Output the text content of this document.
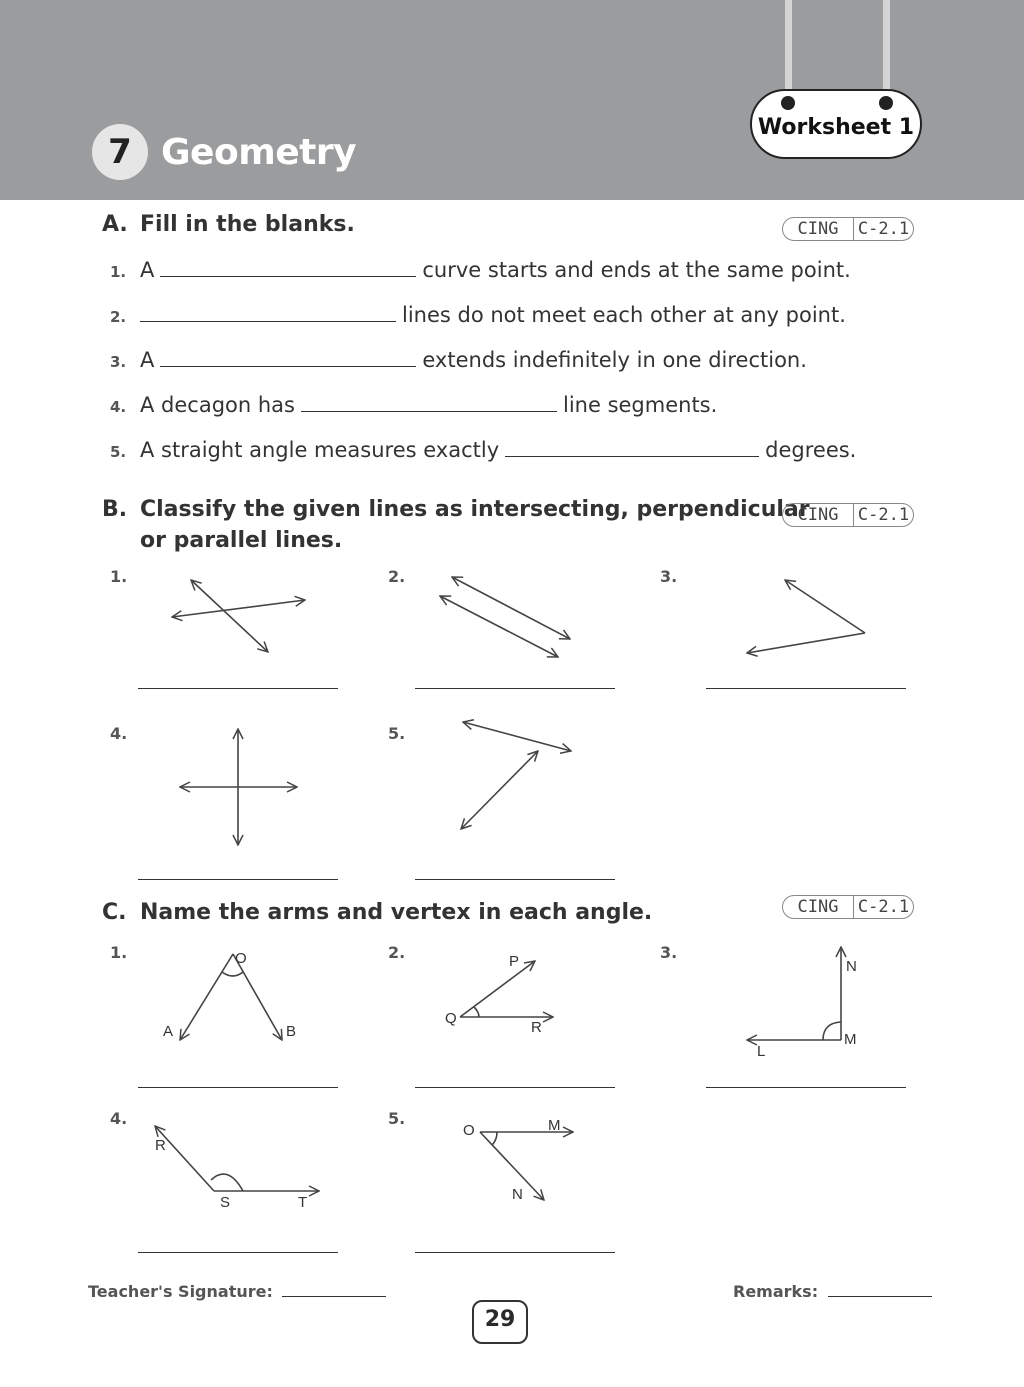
Worksheet 1
7 Geometry
A. Fill in the blanks.	CING	C-2.1
1. A	curve starts and ends at the same point.
2.	lines do not meet each other at any point.
3. A	extends indefinitely in one direction.
4. A decagon has	line segments.
5. A straight angle measures exactly	degrees.
B. Classify the given lines as intersecting, perpendicular
or parallel lines.
CING	C-2.1
1.	2.	3.
4.	5.
C. Name the arms and vertex in each angle.	CING	C-2.1
1.	2.	3.
4.	5.
O
A	B
P
Q
R
N
M
L
R
S	T
O	M
N
Teacher's Signature:	Remarks:
29
